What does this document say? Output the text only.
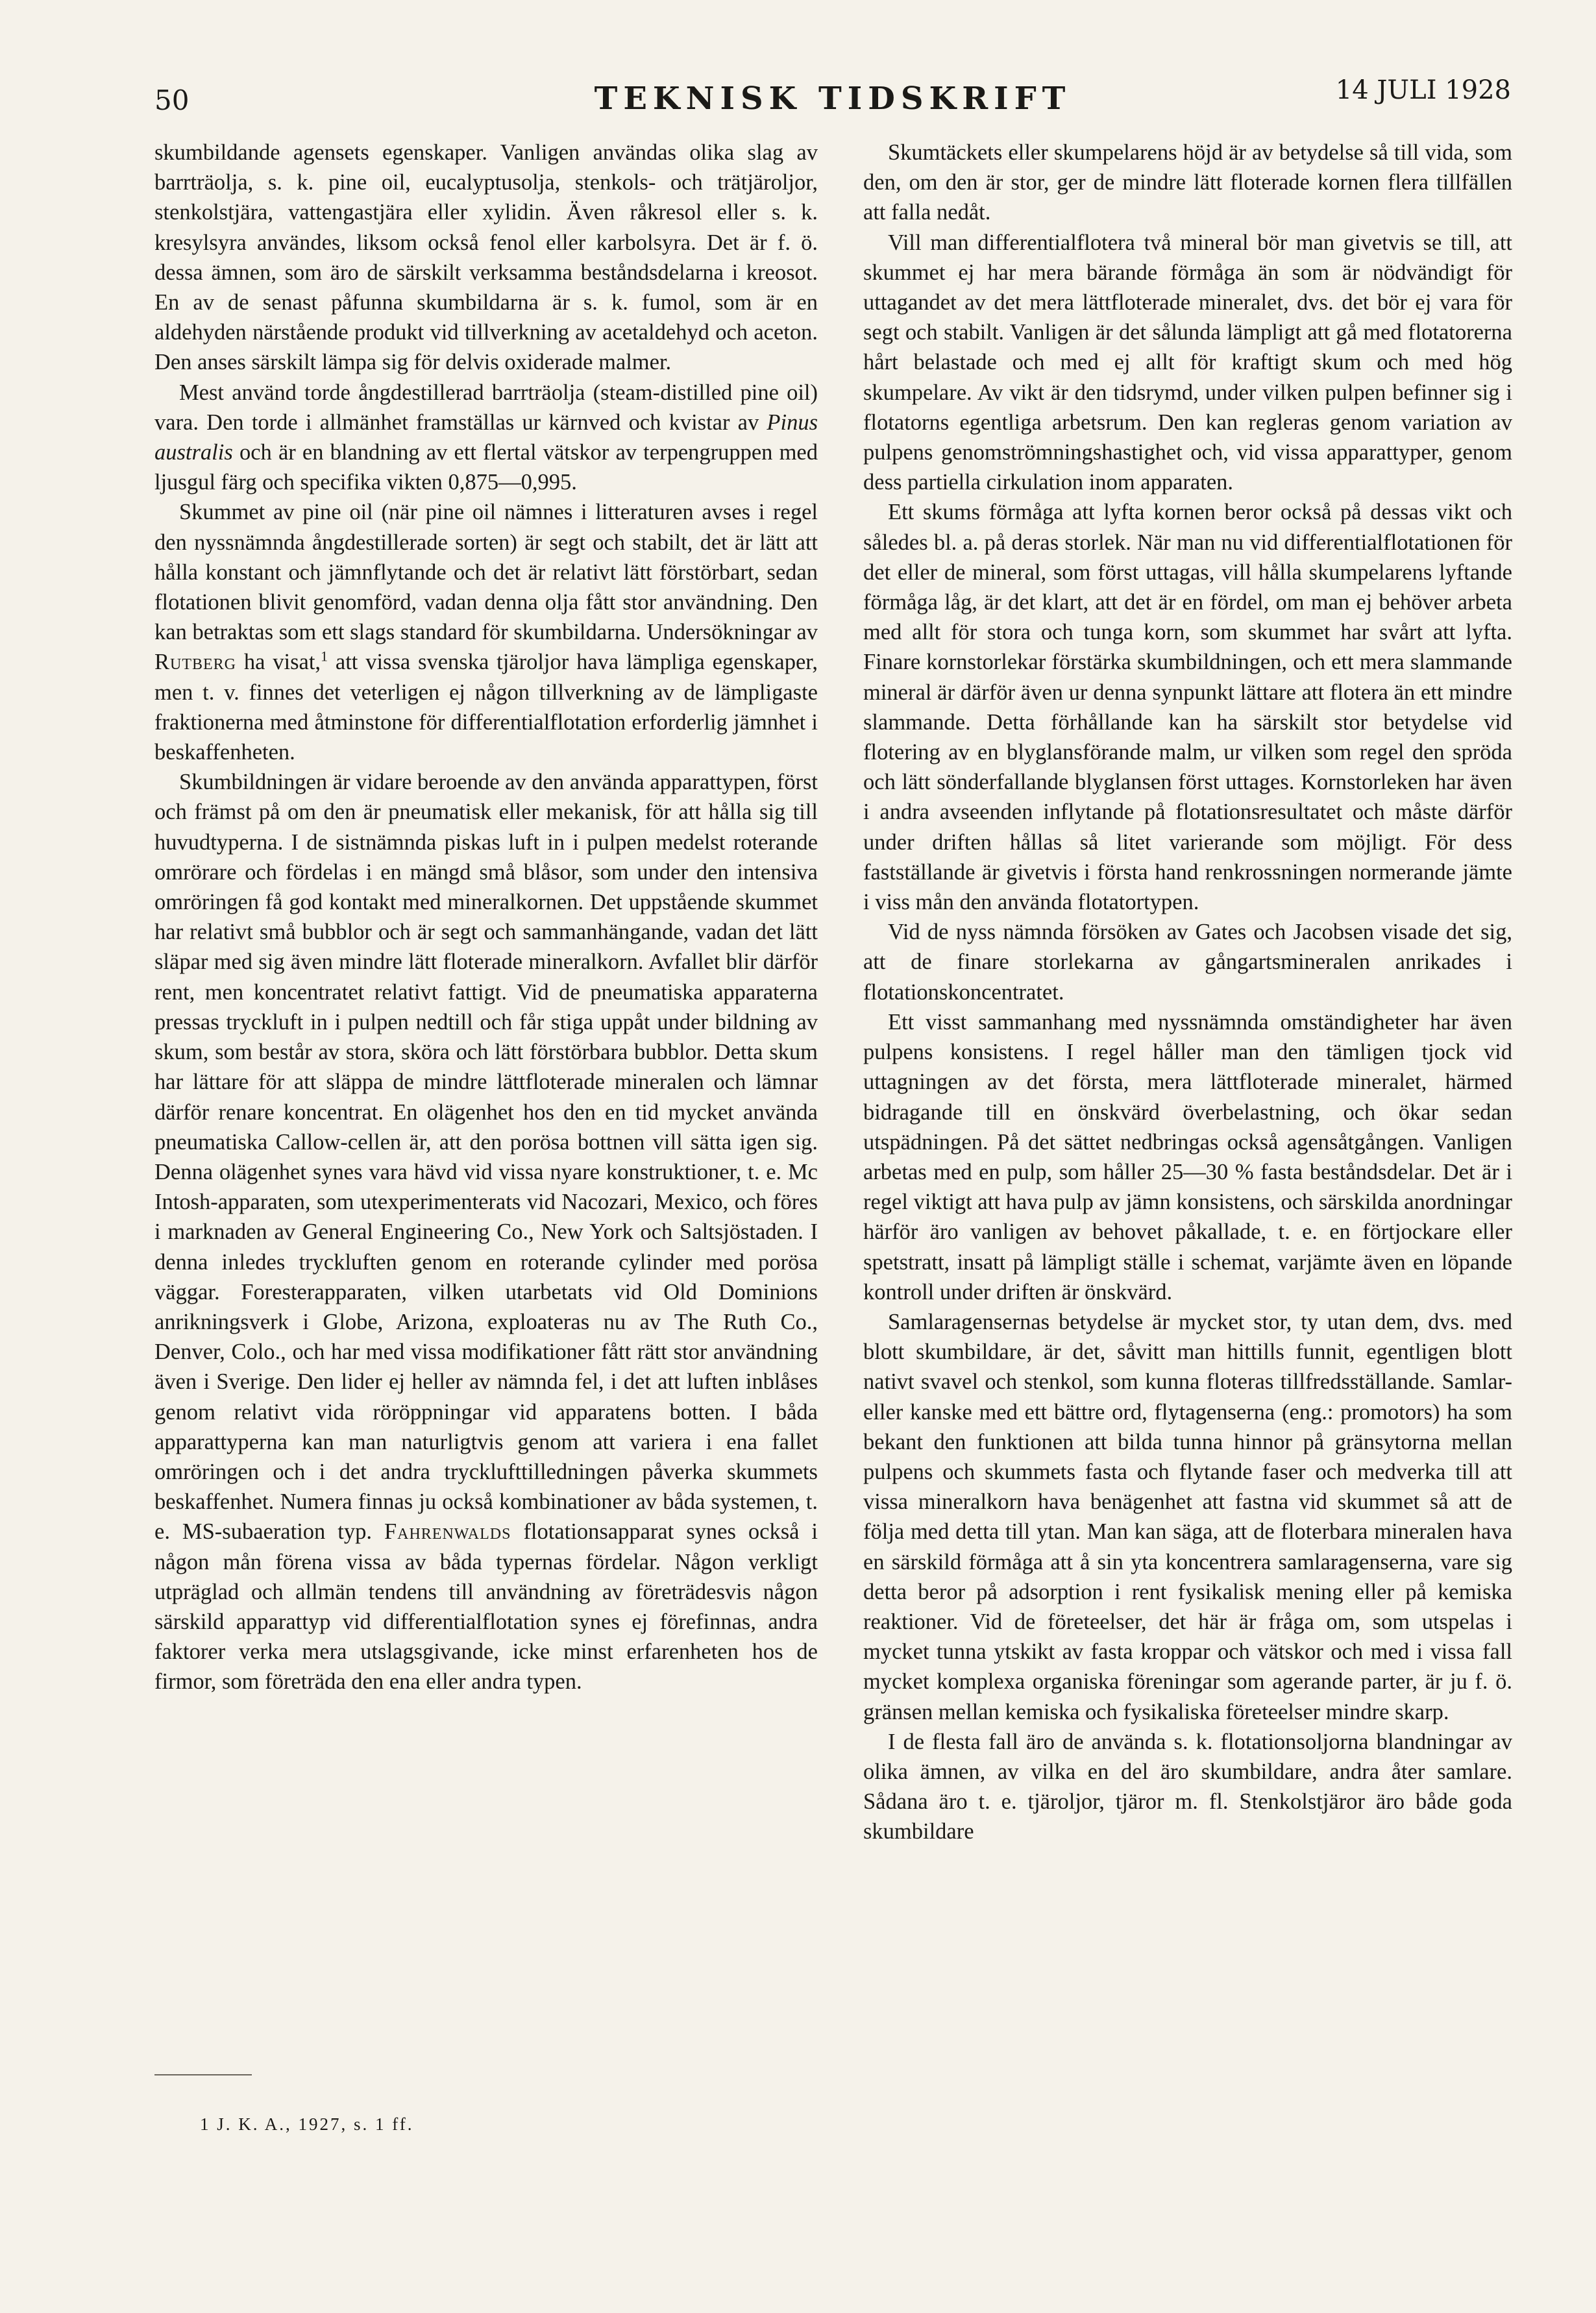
50	TEKNISK TIDSKRIFT	14 JULI 1928

skumbildande agensets egenskaper. Vanligen användas olika slag av barrträolja, s. k. pine oil, eucalyptusolja, stenkols- och trätjäroljor, stenkolstjära, vattengastjära eller xylidin. Även råkresol eller s. k. kresylsyra användes, liksom också fenol eller karbolsyra. Det är f. ö. dessa ämnen, som äro de särskilt verksamma beståndsdelarna i kreosot. En av de senast påfunna skumbildarna är s. k. fumol, som är en aldehyden närstående produkt vid tillverkning av acetaldehyd och aceton. Den anses särskilt lämpa sig för delvis oxiderade malmer.

Mest använd torde ångdestillerad barrträolja (steam-distilled pine oil) vara. Den torde i allmänhet framställas ur kärnved och kvistar av Pinus australis och är en blandning av ett flertal vätskor av terpengruppen med ljusgul färg och specifika vikten 0,875—0,995.

Skummet av pine oil (när pine oil nämnes i litteraturen avses i regel den nyssnämnda ångdestillerade sorten) är segt och stabilt, det är lätt att hålla konstant och jämnflytande och det är relativt lätt förstörbart, sedan flotationen blivit genomförd, vadan denna olja fått stor användning. Den kan betraktas som ett slags standard för skumbildarna. Undersökningar av Rutberg ha visat,$^1$ att vissa svenska tjäroljor hava lämpliga egenskaper, men t. v. finnes det veterligen ej någon tillverkning av de lämpligaste fraktionerna med åtminstone för differentialflotation erforderlig jämnhet i beskaffenheten.

Skumbildningen är vidare beroende av den använda apparattypen, först och främst på om den är pneumatisk eller mekanisk, för att hålla sig till huvudtyperna. I de sistnämnda piskas luft in i pulpen medelst roterande omrörare och fördelas i en mängd små blåsor, som under den intensiva omröringen få god kontakt med mineralkornen. Det uppstående skummet har relativt små bubblor och är segt och sammanhängande, vadan det lätt släpar med sig även mindre lätt floterade mineralkorn. Avfallet blir därför rent, men koncentratet relativt fattigt. Vid de pneumatiska apparaterna pressas tryckluft in i pulpen nedtill och får stiga uppåt under bildning av skum, som består av stora, sköra och lätt förstörbara bubblor. Detta skum har lättare för att släppa de mindre lättfloterade mineralen och lämnar därför renare koncentrat. En olägenhet hos den en tid mycket använda pneumatiska Callow-cellen är, att den porösa bottnen vill sätta igen sig. Denna olägenhet synes vara hävd vid vissa nyare konstruktioner, t. e. Mc Intosh-apparaten, som utexperimenterats vid Nacozari, Mexico, och föres i marknaden av General Engineering Co., New York och Saltsjöstaden. I denna inledes tryckluften genom en roterande cylinder med porösa väggar. Foresterapparaten, vilken utarbetats vid Old Dominions anrikningsverk i Globe, Arizona, exploateras nu av The Ruth Co., Denver, Colo., och har med vissa modifikationer fått rätt stor användning även i Sverige. Den lider ej heller av nämnda fel, i det att luften inblåses genom relativt vida röröppningar vid apparatens botten. I båda apparattyperna kan man naturligtvis genom att variera i ena fallet omröringen och i det andra trycklufttilledningen påverka skummets beskaffenhet. Numera finnas ju också kombinationer av båda systemen, t. e. MS-subaeration typ. Fahrenwalds flotationsapparat synes också i någon mån förena vissa av båda typernas fördelar. Någon verkligt utpräglad och allmän tendens till användning av företrädesvis någon särskild apparattyp vid differentialflotation synes ej förefinnas, andra faktorer verka mera utslagsgivande, icke minst erfarenheten hos de firmor, som företräda den ena eller andra typen.

1 J. K. A., 1927, s. 1 ff.

Skumtäckets eller skumpelarens höjd är av betydelse så till vida, som den, om den är stor, ger de mindre lätt floterade kornen flera tillfällen att falla nedåt.

Vill man differentialflotera två mineral bör man givetvis se till, att skummet ej har mera bärande förmåga än som är nödvändigt för uttagandet av det mera lättfloterade mineralet, dvs. det bör ej vara för segt och stabilt. Vanligen är det sålunda lämpligt att gå med flotatorerna hårt belastade och med ej allt för kraftigt skum och med hög skumpelare. Av vikt är den tidsrymd, under vilken pulpen befinner sig i flotatorns egentliga arbetsrum. Den kan regleras genom variation av pulpens genomströmningshastighet och, vid vissa apparattyper, genom dess partiella cirkulation inom apparaten.

Ett skums förmåga att lyfta kornen beror också på dessas vikt och således bl. a. på deras storlek. När man nu vid differentialflotationen för det eller de mineral, som först uttagas, vill hålla skumpelarens lyftande förmåga låg, är det klart, att det är en fördel, om man ej behöver arbeta med allt för stora och tunga korn, som skummet har svårt att lyfta. Finare kornstorlekar förstärka skumbildningen, och ett mera slammande mineral är därför även ur denna synpunkt lättare att flotera än ett mindre slammande. Detta förhållande kan ha särskilt stor betydelse vid flotering av en blyglansförande malm, ur vilken som regel den spröda och lätt sönderfallande blyglansen först uttages. Kornstorleken har även i andra avseenden inflytande på flotationsresultatet och måste därför under driften hållas så litet varierande som möjligt. För dess fastställande är givetvis i första hand renkrossningen normerande jämte i viss mån den använda flotatortypen.

Vid de nyss nämnda försöken av Gates och Jacobsen visade det sig, att de finare storlekarna av gångartsmineralen anrikades i flotationskoncentratet.

Ett visst sammanhang med nyssnämnda omständigheter har även pulpens konsistens. I regel håller man den tämligen tjock vid uttagningen av det första, mera lättfloterade mineralet, härmed bidragande till en önskvärd överbelastning, och ökar sedan utspädningen. På det sättet nedbringas också agensåtgången. Vanligen arbetas med en pulp, som håller 25—30 % fasta beståndsdelar. Det är i regel viktigt att hava pulp av jämn konsistens, och särskilda anordningar härför äro vanligen av behovet påkallade, t. e. en förtjockare eller spetstratt, insatt på lämpligt ställe i schemat, varjämte även en löpande kontroll under driften är önskvärd.

Samlaragensernas betydelse är mycket stor, ty utan dem, dvs. med blott skumbildare, är det, såvitt man hittills funnit, egentligen blott nativt svavel och stenkol, som kunna floteras tillfredsställande. Samlar- eller kanske med ett bättre ord, flytagenserna (eng.: promotors) ha som bekant den funktionen att bilda tunna hinnor på gränsytorna mellan pulpens och skummets fasta och flytande faser och medverka till att vissa mineralkorn hava benägenhet att fastna vid skummet så att de följa med detta till ytan. Man kan säga, att de floterbara mineralen hava en särskild förmåga att å sin yta koncentrera samlaragenserna, vare sig detta beror på adsorption i rent fysikalisk mening eller på kemiska reaktioner. Vid de företeelser, det här är fråga om, som utspelas i mycket tunna ytskikt av fasta kroppar och vätskor och med i vissa fall mycket komplexa organiska föreningar som agerande parter, är ju f. ö. gränsen mellan kemiska och fysikaliska företeelser mindre skarp.

I de flesta fall äro de använda s. k. flotationsoljorna blandningar av olika ämnen, av vilka en del äro skumbildare, andra åter samlare. Sådana äro t. e. tjäroljor, tjäror m. fl. Stenkolstjäror äro både goda skumbildare
